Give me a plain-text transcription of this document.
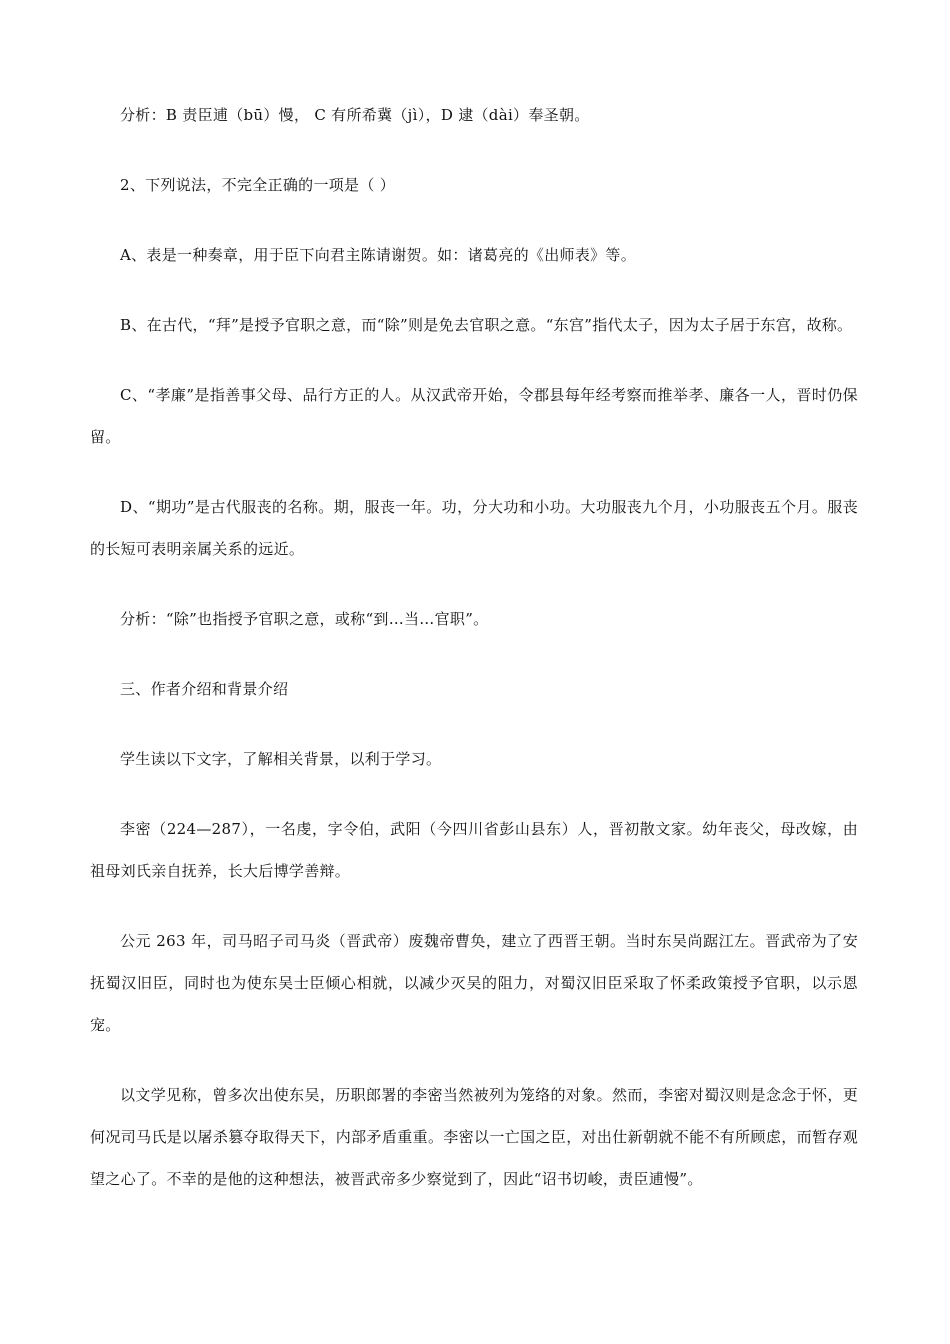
分析：B 责臣逋（bū）慢， C 有所希冀（jì），D 逮（dài）奉圣朝。

2、下列说法，不完全正确的一项是（ ）

A、表是一种奏章，用于臣下向君主陈请谢贺。如：诸葛亮的《出师表》等。

B、在古代，“拜”是授予官职之意，而“除”则是免去官职之意。“东宫”指代太子，因为太子居于东宫，故称。

C、“孝廉”是指善事父母、品行方正的人。从汉武帝开始，令郡县每年经考察而推举孝、廉各一人，晋时仍保留。

D、“期功”是古代服丧的名称。期，服丧一年。功，分大功和小功。大功服丧九个月，小功服丧五个月。服丧的长短可表明亲属关系的远近。

分析：“除”也指授予官职之意，或称“到…当…官职”。

三、作者介绍和背景介绍

学生读以下文字，了解相关背景，以利于学习。

李密（224—287），一名虔，字令伯，武阳（今四川省彭山县东）人，晋初散文家。幼年丧父，母改嫁，由祖母刘氏亲自抚养，长大后博学善辩。

公元 263 年，司马昭子司马炎（晋武帝）废魏帝曹奂，建立了西晋王朝。当时东吴尚踞江左。晋武帝为了安抚蜀汉旧臣，同时也为使东吴士臣倾心相就，以减少灭吴的阻力，对蜀汉旧臣采取了怀柔政策授予官职，以示恩宠。

以文学见称，曾多次出使东吴，历职郎署的李密当然被列为笼络的对象。然而，李密对蜀汉则是念念于怀，更何况司马氏是以屠杀篡夺取得天下，内部矛盾重重。李密以一亡国之臣，对出仕新朝就不能不有所顾虑，而暂存观望之心了。不幸的是他的这种想法，被晋武帝多少察觉到了，因此“诏书切峻，责臣逋慢”。
